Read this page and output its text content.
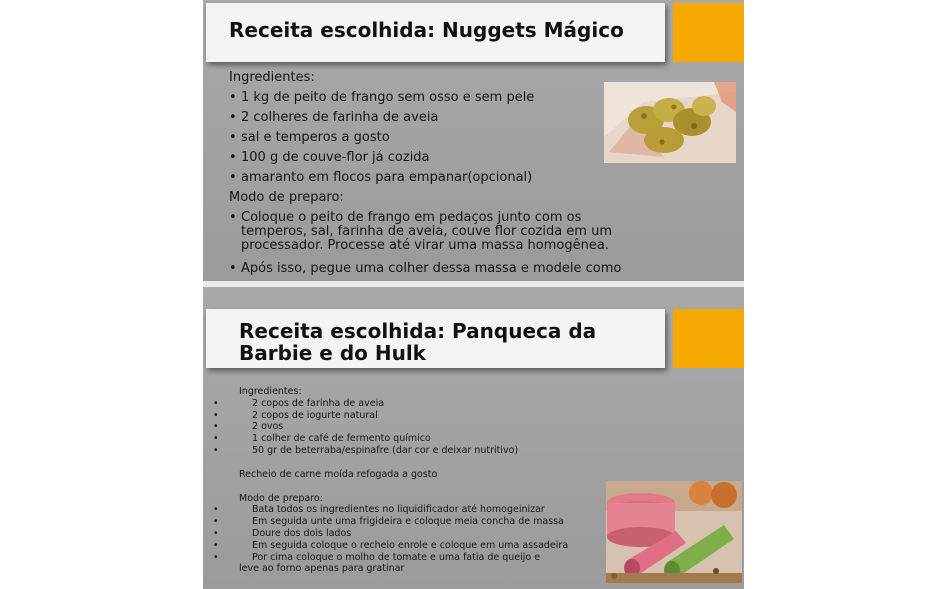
Receita escolhida: Nuggets Mágico
Ingredientes:
• 1 kg de peito de frango sem osso e sem pele
• 2 colheres de farinha de aveia
• sal e temperos a gosto
• 100 g de couve-flor já cozida
• amaranto em flocos para empanar(opcional)
Modo de preparo:
• Coloque o peito de frango em pedaços junto com os temperos, sal, farinha de aveia, couve flor cozida em um processador. Processe até virar uma massa homogênea.
• Após isso, pegue uma colher dessa massa e modele como
Receita escolhida: Panqueca da Barbie e do Hulk
Ingredientes:
• 2 copos de farinha de aveia
• 2 copos de iogurte natural
• 2 ovos
• 1 colher de café de fermento químico
• 50 gr de beterraba/espinafre (dar cor e deixar nutritivo)
Recheio de carne moída refogada a gosto
Modo de preparo:
• Bata todos os ingredientes no liquidificador até homogeinizar
• Em seguida unte uma frigideira e coloque meia concha de massa
• Doure dos dois lados
• Em seguida coloque o recheio enrole e coloque em uma assadeira
• Por cima coloque o molho de tomate e uma fatia de queijo e
leve ao forno apenas para gratinar
